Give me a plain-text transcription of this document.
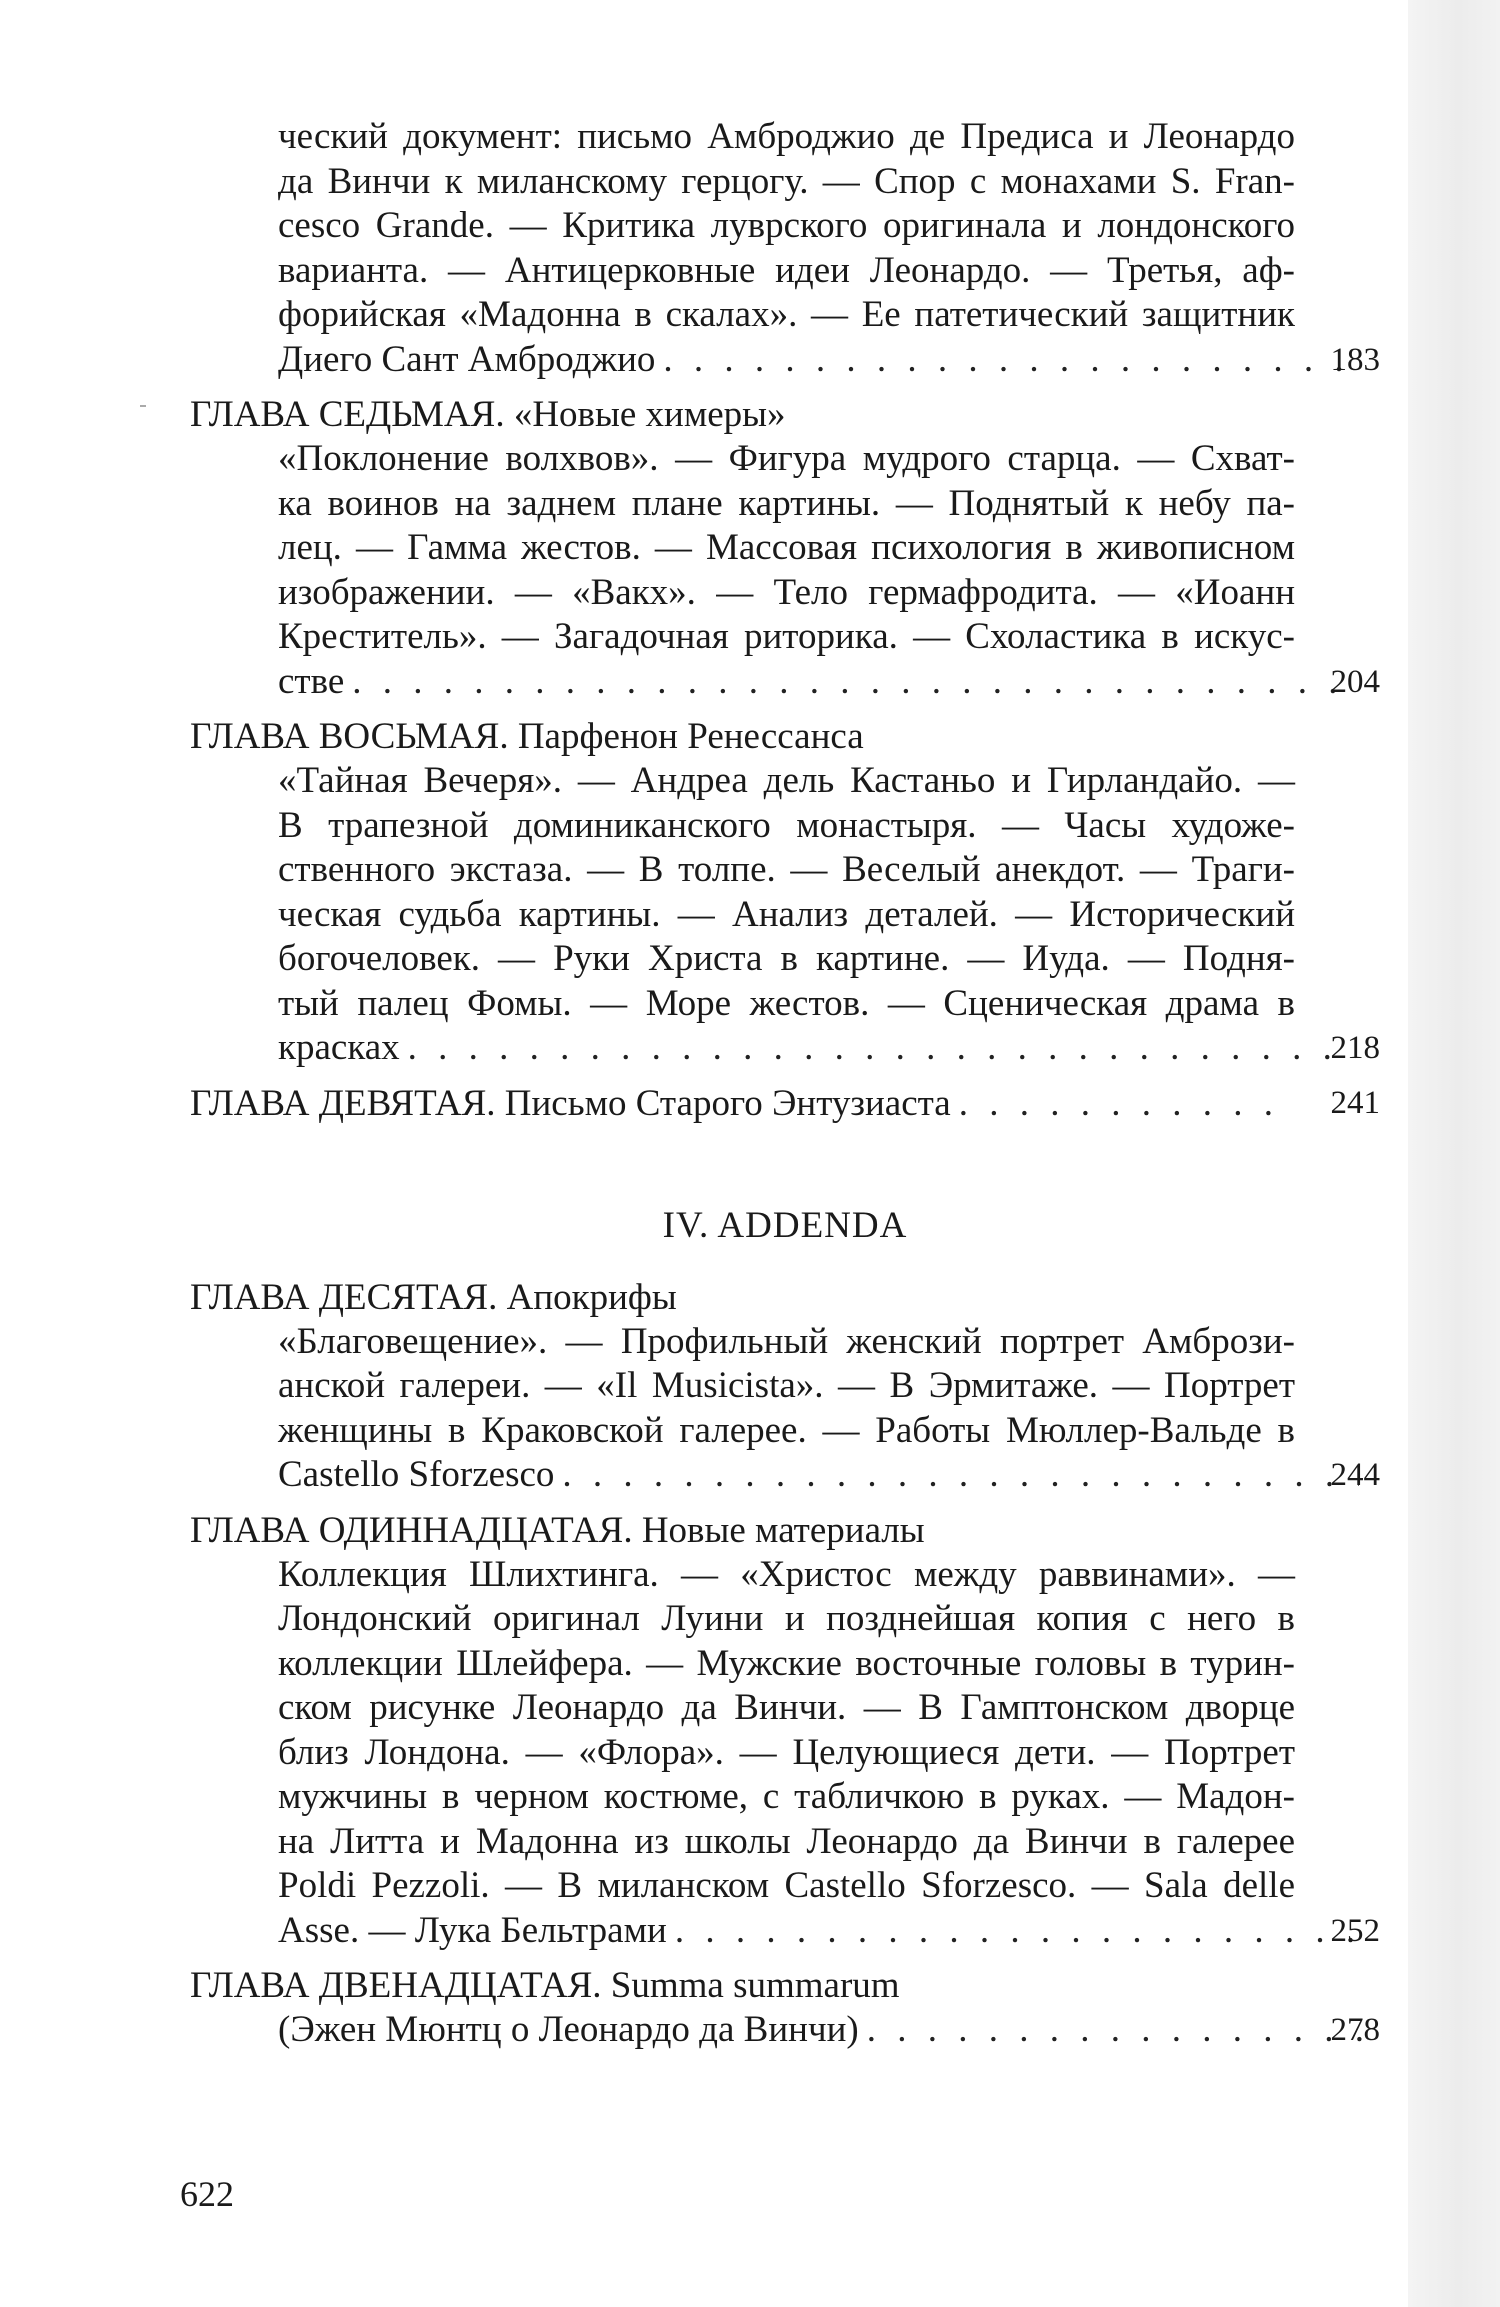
ческий документ: письмо Амброджио де Предиса и Леонардо
да Винчи к миланскому герцогу. — Спор с монахами S. Fran-
cesco Grande. — Критика луврского оригинала и лондонского
варианта. — Антицерковные идеи Леонардо. — Третья, аф-
форийская «Мадонна в скалах». — Ее патетический защитник
Диего Сант Амброджио . . .	183
ГЛАВА СЕДЬМАЯ. «Новые химеры»
«Поклонение волхвов». — Фигура мудрого старца. — Схват-
ка воинов на заднем плане картины. — Поднятый к небу па-
лец. — Гамма жестов. — Массовая психология в живописном
изображении. — «Вакх». — Тело гермафродита. — «Иоанн
Креститель». — Загадочная риторика. — Схоластика в искус-
стве . . .	204
ГЛАВА ВОСЬМАЯ. Парфенон Ренессанса
«Тайная Вечеря». — Андреа дель Кастаньо и Гирландайо. —
В трапезной доминиканского монастыря. — Часы художе-
ственного экстаза. — В толпе. — Веселый анекдот. — Траги-
ческая судьба картины. — Анализ деталей. — Исторический
богочеловек. — Руки Христа в картине. — Иуда. — Подня-
тый палец Фомы. — Море жестов. — Сценическая драма в
красках . . .	218
ГЛАВА ДЕВЯТАЯ. Письмо Старого Энтузиаста . . .	241
IV. ADDENDA
ГЛАВА ДЕСЯТАЯ. Апокрифы
«Благовещение». — Профильный женский портрет Амбрози-
анской галереи. — «Il Musicista». — В Эрмитаже. — Портрет
женщины в Краковской галерее. — Работы Мюллер-Вальде в
Castello Sforzesco . . .	244
ГЛАВА ОДИННАДЦАТАЯ. Новые материалы
Коллекция Шлихтинга. — «Христос между раввинами». —
Лондонский оригинал Луини и позднейшая копия с него в
коллекции Шлейфера. — Мужские восточные головы в турин-
ском рисунке Леонардо да Винчи. — В Гамптонском дворце
близ Лондона. — «Флора». — Целующиеся дети. — Портрет
мужчины в черном костюме, с табличкою в руках. — Мадон-
на Литта и Мадонна из школы Леонардо да Винчи в галерее
Poldi Pezzoli. — В миланском Castello Sforzesco. — Sala delle
Asse. — Лука Бельтрами . . .	252
ГЛАВА ДВЕНАДЦАТАЯ. Summa summarum
(Эжен Мюнтц о Леонардо да Винчи) . . .	278
622
